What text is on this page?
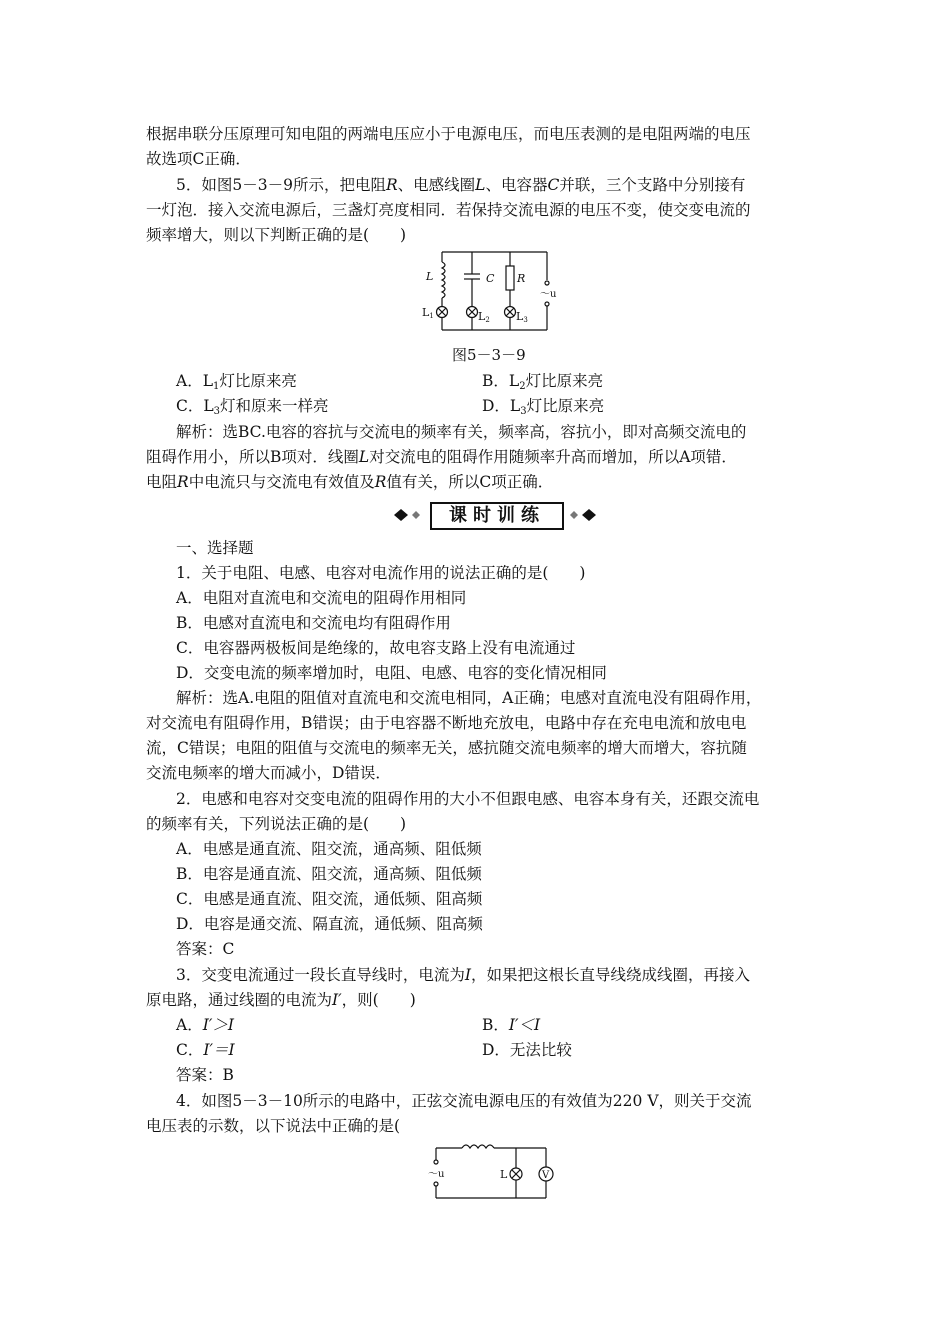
根据串联分压原理可知电阻的两端电压应小于电源电压，而电压表测的是电阻两端的电压
故选项C正确．
5．如图5－3－9所示，把电阻R、电感线圈L、电容器C并联，三个支路中分别接有
一灯泡．接入交流电源后，三盏灯亮度相同．若保持交流电源的电压不变，使交变电流的
频率增大，则以下判断正确的是(　　)
L	C R
～u
L1	L2 L3
图5－3－9
A．$L_1$灯比原来亮	B．$L_2$灯比原来亮
C．$L_3$灯和原来一样亮	D．$L_3$灯比原来亮
解析：选BC.电容的容抗与交流电的频率有关，频率高，容抗小，即对高频交流电的
阻碍作用小，所以B项对．线圈L对交流电的阻碍作用随频率升高而增加，所以A项错．
电阻R中电流只与交流电有效值及R值有关，所以C项正确．
课时训练
一、选择题
1．关于电阻、电感、电容对电流作用的说法正确的是(　　)
A．电阻对直流电和交流电的阻碍作用相同
B．电感对直流电和交流电均有阻碍作用
C．电容器两极板间是绝缘的，故电容支路上没有电流通过
D．交变电流的频率增加时，电阻、电感、电容的变化情况相同
解析：选A.电阻的阻值对直流电和交流电相同，A正确；电感对直流电没有阻碍作用，
对交流电有阻碍作用，B错误；由于电容器不断地充放电，电路中存在充电电流和放电电
流，C错误；电阻的阻值与交流电的频率无关，感抗随交流电频率的增大而增大，容抗随
交流电频率的增大而减小，D错误．
2．电感和电容对交变电流的阻碍作用的大小不但跟电感、电容本身有关，还跟交流电
的频率有关，下列说法正确的是(　　)
A．电感是通直流、阻交流，通高频、阻低频
B．电容是通直流、阻交流，通高频、阻低频
C．电感是通直流、阻交流，通低频、阻高频
D．电容是通交流、隔直流，通低频、阻高频
答案：C
3．交变电流通过一段长直导线时，电流为I，如果把这根长直导线绕成线圈，再接入
原电路，通过线圈的电流为I′，则(　　)
A．I′＞I	B．I′＜I
C．I′＝I	D．无法比较
答案：B
4．如图5－3－10所示的电路中，正弦交流电源电压的有效值为220 V，则关于交流
电压表的示数，以下说法中正确的是(
～u	L	V
